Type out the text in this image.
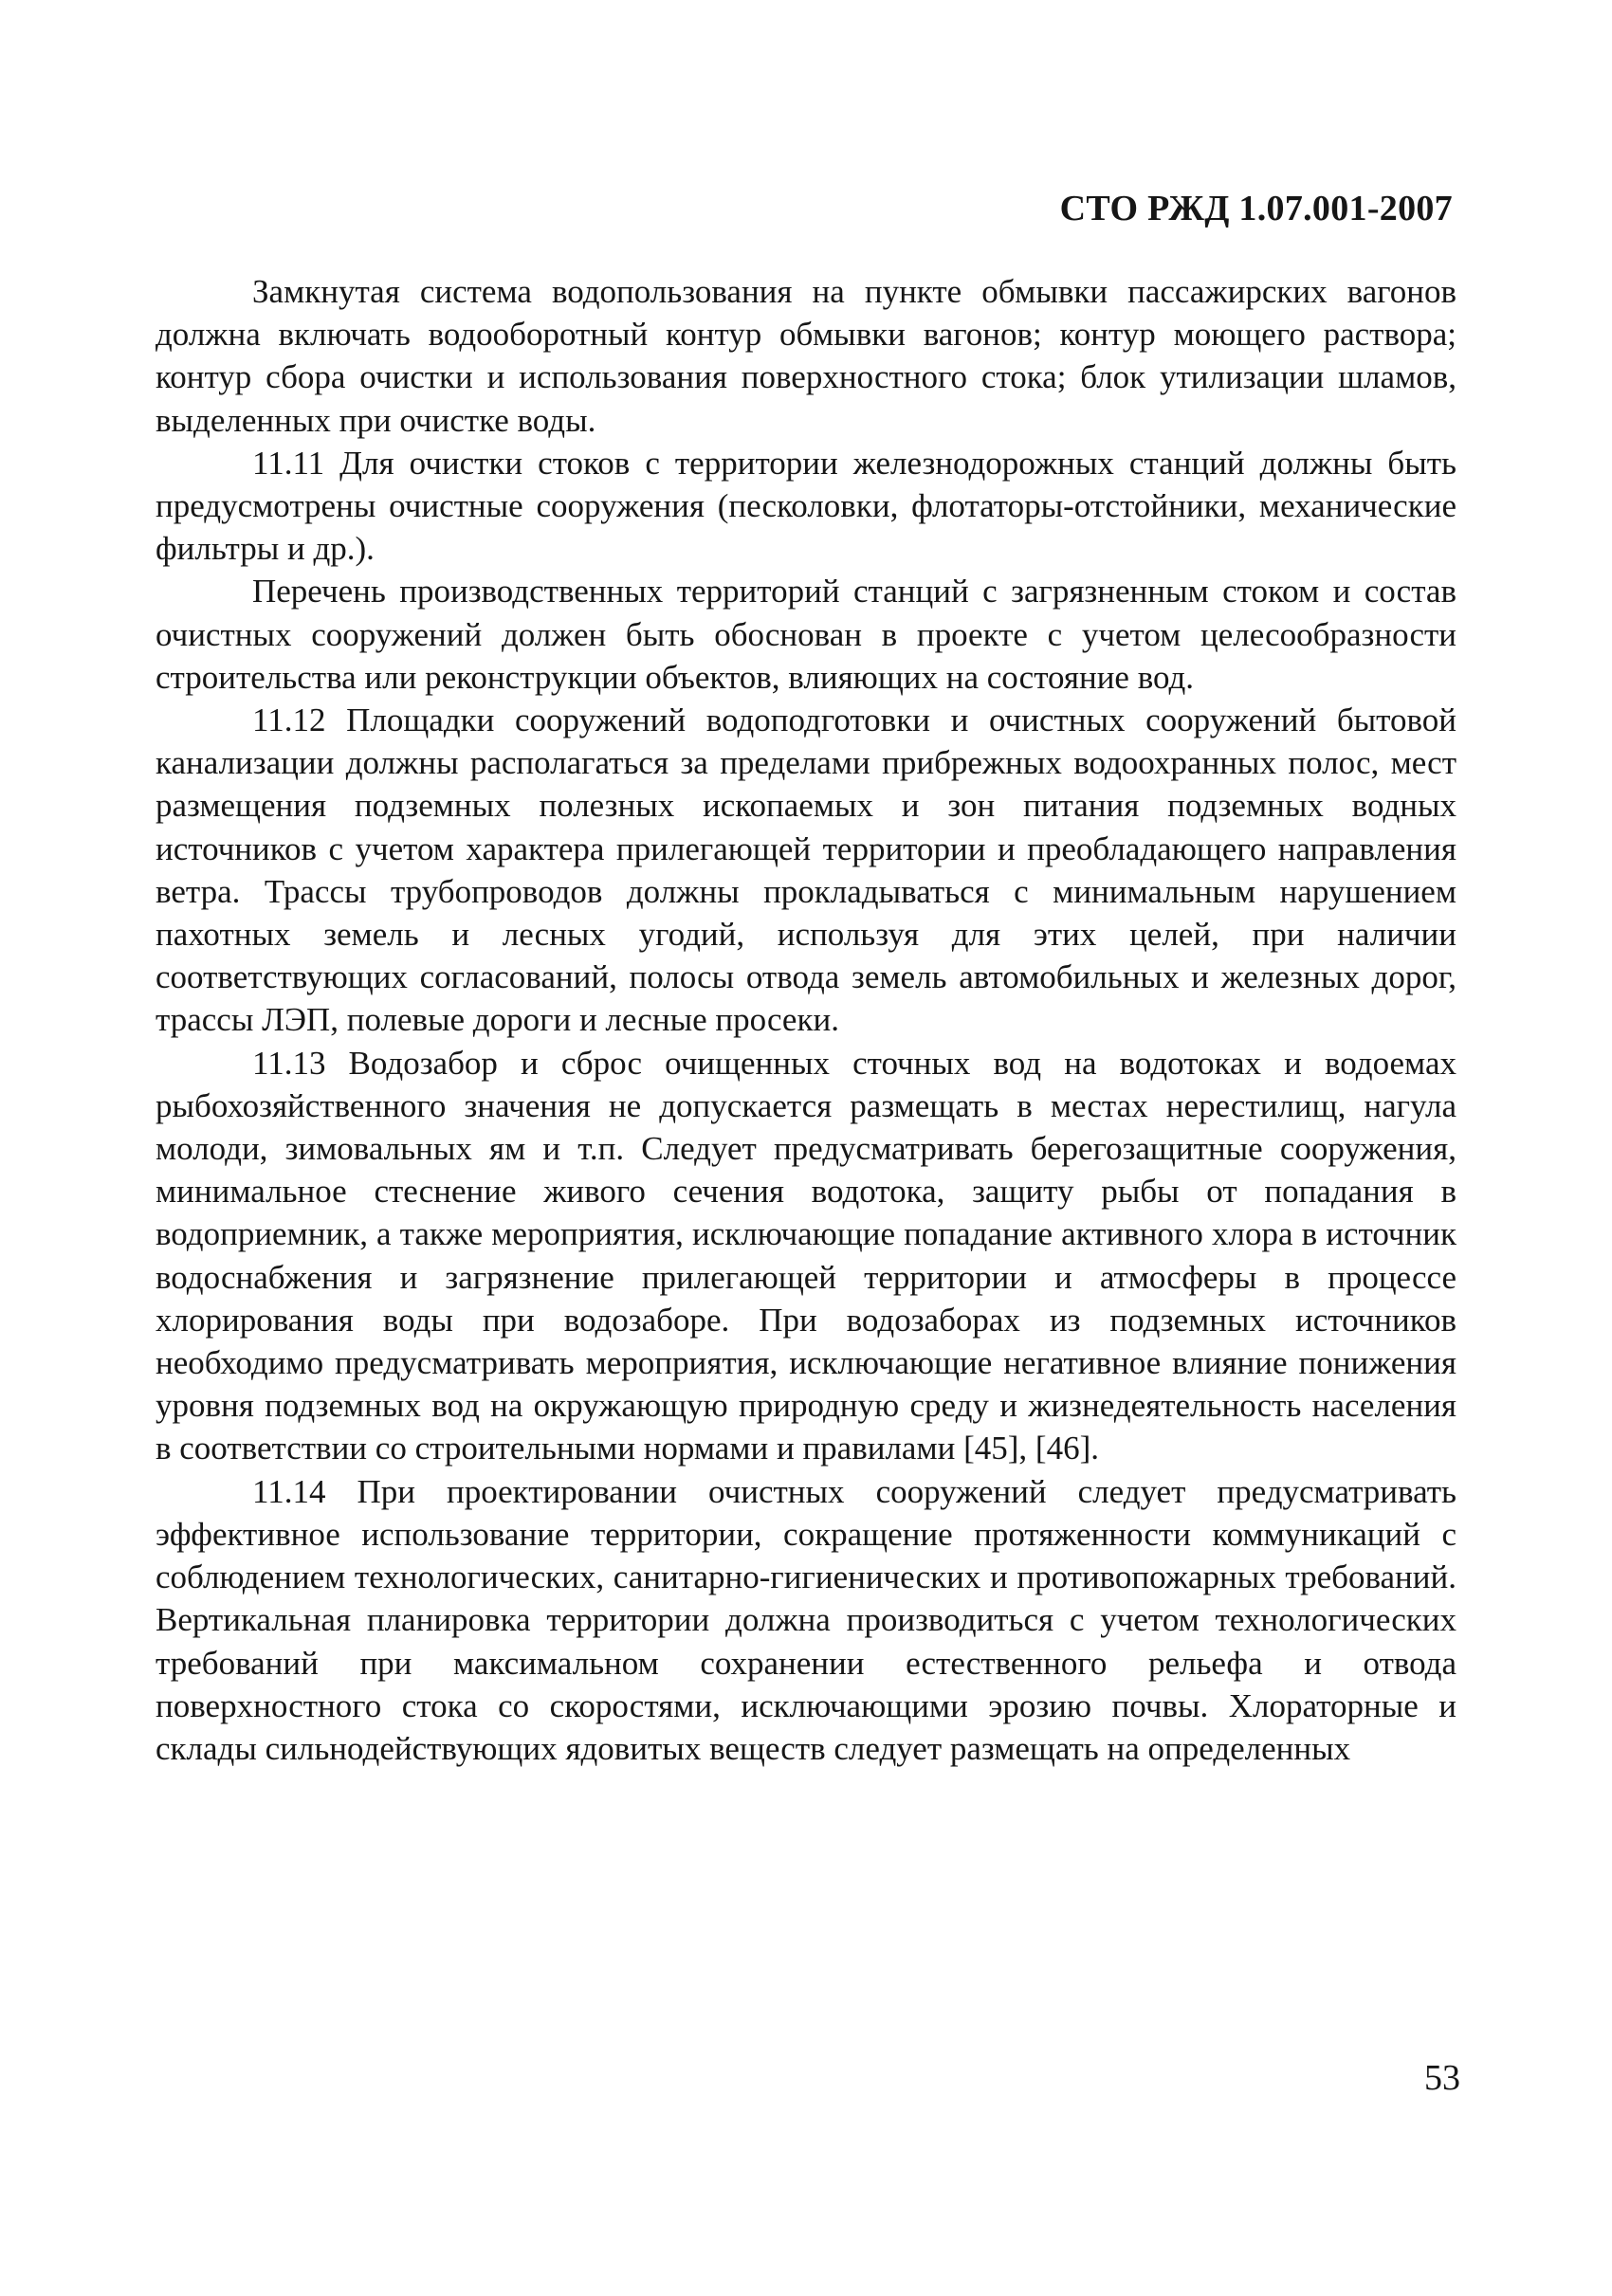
СТО РЖД 1.07.001-2007

Замкнутая система водопользования на пункте обмывки пассажирских вагонов должна включать водооборотный контур обмывки вагонов; контур моющего раствора; контур сбора очистки и использования поверхностного стока; блок утилизации шламов, выделенных при очистке воды.

11.11 Для очистки стоков с территории железнодорожных станций должны быть предусмотрены очистные сооружения (песколовки, флотаторы-отстойники, механические фильтры и др.).

Перечень производственных территорий станций с загрязненным стоком и состав очистных сооружений должен быть обоснован в проекте с учетом целесообразности строительства или реконструкции объектов, влияющих на состояние вод.

11.12 Площадки сооружений водоподготовки и очистных сооружений бытовой канализации должны располагаться за пределами прибрежных водоохранных полос, мест размещения подземных полезных ископаемых и зон питания подземных водных источников с учетом характера прилегающей территории и преобладающего направления ветра. Трассы трубопроводов должны прокладываться с минимальным нарушением пахотных земель и лесных угодий, используя для этих целей, при наличии соответствующих согласований, полосы отвода земель автомобильных и железных дорог, трассы ЛЭП, полевые дороги и лесные просеки.

11.13 Водозабор и сброс очищенных сточных вод на водотоках и водоемах рыбохозяйственного значения не допускается размещать в местах нерестилищ, нагула молоди, зимовальных ям и т.п. Следует предусматривать берегозащитные сооружения, минимальное стеснение живого сечения водотока, защиту рыбы от попадания в водоприемник, а также мероприятия, исключающие попадание активного хлора в источник водоснабжения и загрязнение прилегающей территории и атмосферы в процессе хлорирования воды при водозаборе. При водозаборах из подземных источников необходимо предусматривать мероприятия, исключающие негативное влияние понижения уровня подземных вод на окружающую природную среду и жизнедеятельность населения в соответствии со строительными нормами и правилами [45], [46].

11.14 При проектировании очистных сооружений следует предусматривать эффективное использование территории, сокращение протяженности коммуникаций с соблюдением технологических, санитарно-гигиенических и противопожарных требований. Вертикальная планировка территории должна производиться с учетом технологических требований при максимальном сохранении естественного рельефа и отвода поверхностного стока со скоростями, исключающими эрозию почвы. Хлораторные и склады сильнодействующих ядовитых веществ следует размещать на определенных

53
